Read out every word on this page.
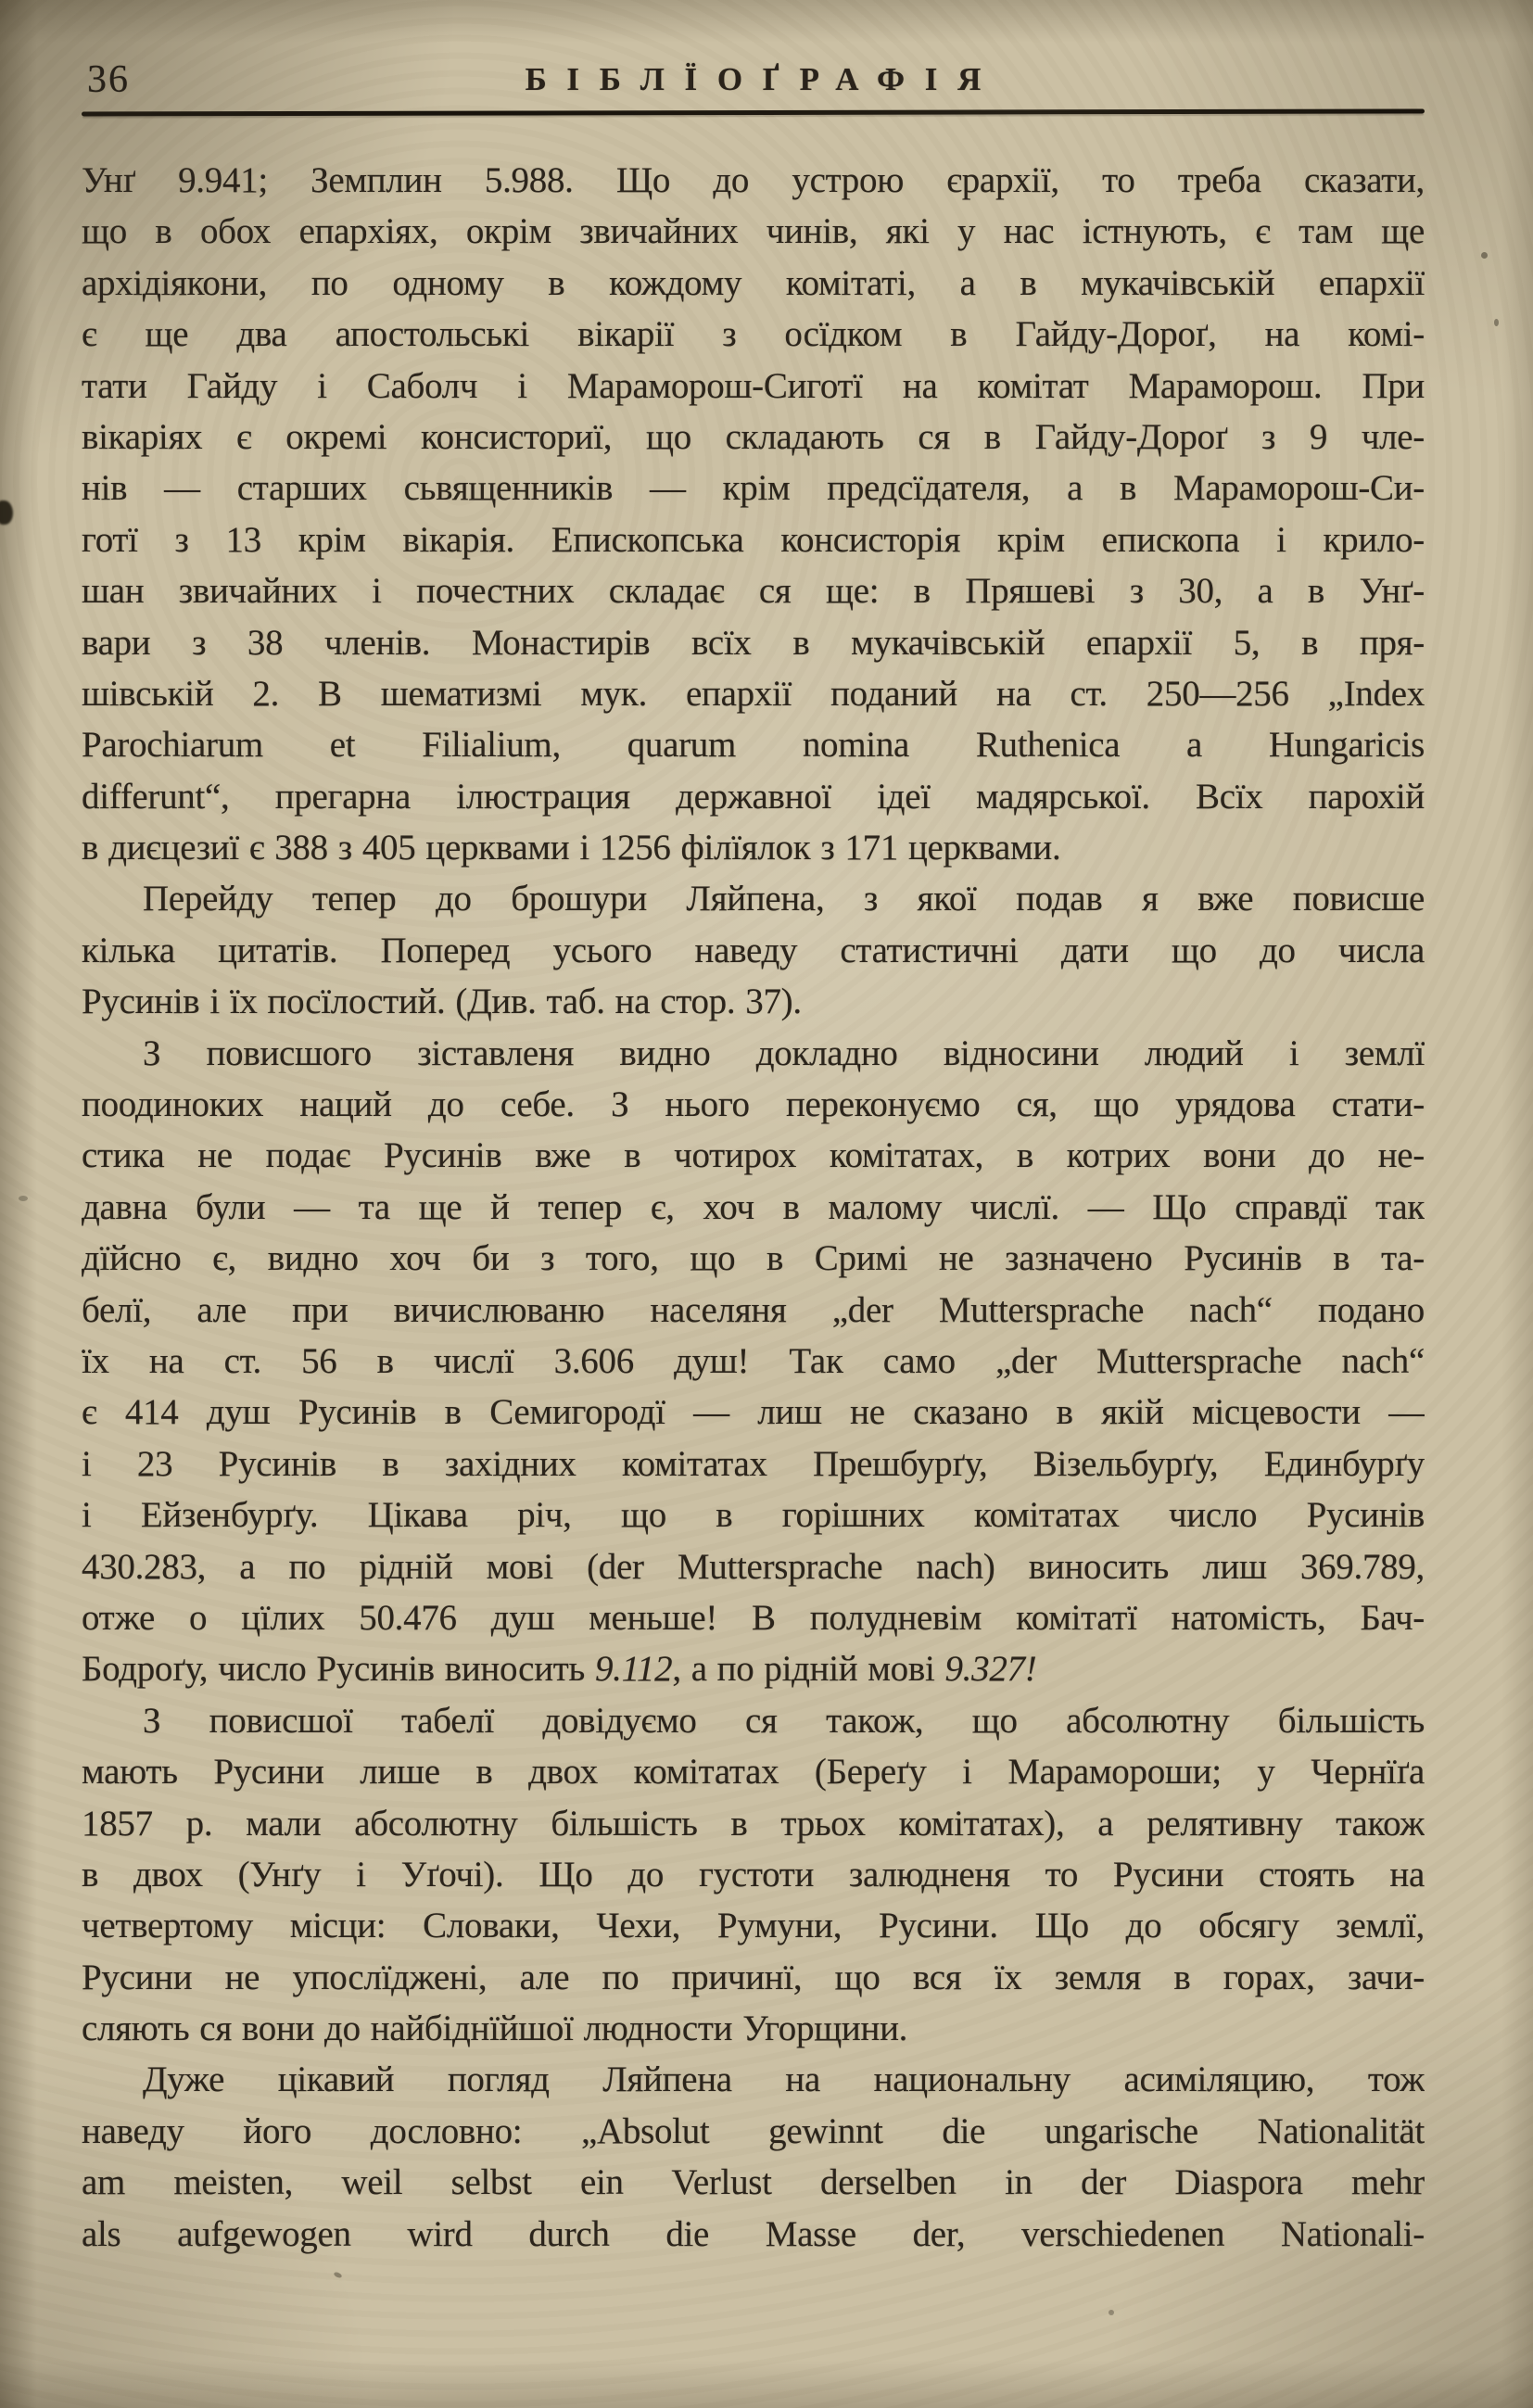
36	БІБЛЇОҐРАФІЯ
Унґ 9.941; Земплин 5.988. Що до устрою єрархії, то треба сказати,
що в обох епархіях, окрім звичайних чинів, які у нас істнують, є там ще
архідіякони, по одному в кождому комітаті, а в мукачівській епархії
є ще два апостольські вікарії з осїдком в Гайду-Дороґ, на комі-
тати Гайду і Саболч і Мараморош-Сиготї на комітат Мараморош. При
вікаріях є окремі консисториї, що складають ся в Гайду-Дороґ з 9 чле-
нів — старших сьвященників — крім предсїдателя, а в Мараморош-Си-
готї з 13 крім вікарія. Епископська консисторія крім епископа і крило-
шан звичайних і почестних складає ся ще: в Пряшеві з 30, а в Унґ-
вари з 38 членів. Монастирів всїх в мукачівській епархії 5, в пря-
шівській 2. В шематизмі мук. епархії поданий на ст. 250—256 „Index
Parochiarum et Filialium, quarum nomina Ruthenica a Hungaricis
differunt“, прегарна ілюстрация державної ідеї мадярської. Всїх парохій
в диєцезиї є 388 з 405 церквами і 1256 філїялок з 171 церквами.
Перейду тепер до брошури Ляйпена, з якої подав я вже повисше
кілька цитатів. Поперед усього наведу статистичні дати що до числа
Русинів і їх посїлостий. (Див. таб. на стор. 37).
З повисшого зіставленя видно докладно відносини людий і землї
поодиноких наций до себе. З нього переконуємо ся, що урядова стати-
стика не подає Русинів вже в чотирох комітатах, в котрих вони до не-
давна були — та ще й тепер є, хоч в малому числї. — Що справдї так
дїйсно є, видно хоч би з того, що в Сримі не зазначено Русинів в та-
белї, але при вичислюваню населяня „der Muttersprache nach“ подано
їх на ст. 56 в числї 3.606 душ! Так само „der Muttersprache nach“
є 414 душ Русинів в Семигородї — лиш не сказано в якій місцевости —
і 23 Русинів в західних комітатах Прешбурґу, Візельбурґу, Единбурґу
і Ейзенбурґу. Цікава річ, що в горішних комітатах число Русинів
430.283, а по рідній мові (der Muttersprache nach) виносить лиш 369.789,
отже о цїлих 50.476 душ меньше! В полудневім комітатї натомість, Бач-
Бодроґу, число Русинів виносить 9.112, а по рідній мові 9.327!
З повисшої табелї довідуємо ся також, що абсолютну більшість
мають Русини лише в двох комітатах (Береґу і Марамороши; у Чернїґа
1857 р. мали абсолютну більшість в трьох комітатах), а релятивну також
в двох (Унґу і Уґочі). Що до густоти залюдненя то Русини стоять на
четвертому місци: Словаки, Чехи, Румуни, Русини. Що до обсягу землї,
Русини не упослїджені, але по причинї, що вся їх земля в горах, зачи-
сляють ся вони до найбіднїйшої людности Угорщини.
Дуже цікавий погляд Ляйпена на национальну асиміляцию, тож
наведу його дословно: „Absolut gewinnt die ungarische Nationalität
am meisten, weil selbst ein Verlust derselben in der Diaspora mehr
als aufgewogen wird durch die Masse der, verschiedenen Nationali-
